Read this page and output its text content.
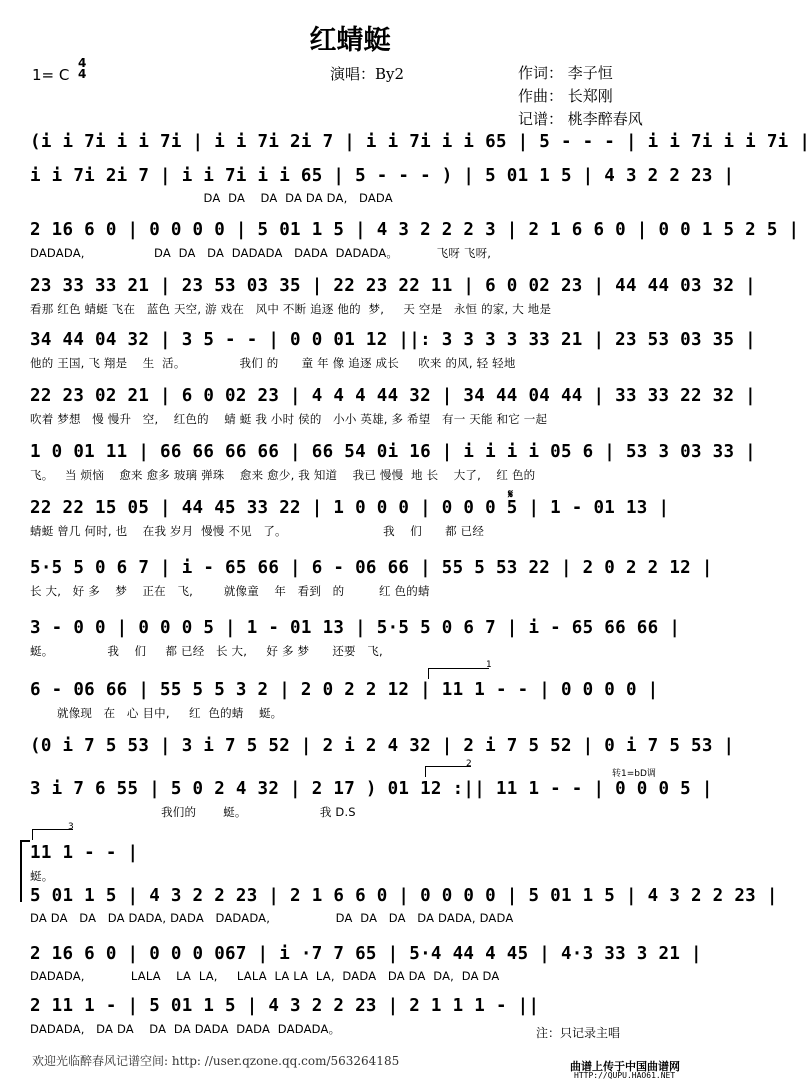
红蜻蜓
1= C
4
4	演唱：By2	作词： 李子恒
作曲： 长郑刚
记谱： 桃李醉春风
(i i 7i i i 7i | i i 7i 2i 7 | i i 7i i i 65 | 5 - - - | i i 7i i i 7i |
i i 7i 2i 7 | i i 7i i i 65 | 5 - - - ) | 5 01 1 5 | 4 3 2 2 23 |
DA  DA    DA  DA DA DA,   DADA
2 16 6 0 | 0 0 0 0 | 5 01 1 5 | 4 3 2 2 2 3 | 2 1 6 6 0 | 0 0 1 5 2 5 |
DADADA,                  DA  DA   DA  DADADA   DADA  DADADA。          飞呀 飞呀,
23 33 33 21 | 23 53 03 35 | 22 23 22 11 | 6 0 02 23 | 44 44 03 32 |
看那 红色 蜻蜓 飞在   蓝色 天空, 游 戏在   风中 不断 追逐 他的  梦,     天 空是   永恒 的家, 大 地是
34 44 04 32 | 3 5 - - | 0 0 01 12 ||: 3 3 3 3 33 21 | 23 53 03 35 |
他的 王国, 飞 翔是    生  活。              我们 的      童 年 像 追逐 成长     吹来 的风, 轻 轻地
22 23 02 21 | 6 0 02 23 | 4 4 4 44 32 | 34 44 04 44 | 33 33 22 32 |
吹着 梦想   慢 慢升   空,    红色的    蜻 蜓 我 小时 侯的   小小 英雄, 多 希望   有一 天能 和它 一起
1 0 01 11 | 66 66 66 66 | 66 54 0i 16 | i i i i 05 6 | 53 3 03 33 |
飞。   当 烦恼    愈来 愈多 玻璃 弹珠    愈来 愈少, 我 知道    我已 慢慢  地 长    大了,    红 色的
22 22 15 05 | 44 45 33 22 | 1 0 0 0 | 0 0 0 5 | 1 - 01 13 |
蜻蜓 曾几 何时, 也    在我 岁月  慢慢 不见   了。                         我    们      都 已经
𝄋
5·5 5 0 6 7 | i - 65 66 | 6 - 06 66 | 55 5 53 22 | 2 0 2 2 12 |
长 大,   好 多    梦    正在   飞,        就像童    年   看到   的         红 色的蜻
3 - 0 0 | 0 0 0 5 | 1 - 01 13 | 5·5 5 0 6 7 | i - 65 66 66 |
蜓。              我    们     都 已经   长 大,     好 多 梦      还要   飞,
1
6 - 06 66 | 55 5 5 3 2 | 2 0 2 2 12 | 11 1 - - | 0 0 0 0 |
就像现   在   心 目中,     红  色的蜻    蜓。
(0 i 7 5 53 | 3 i 7 5 52 | 2 i 2 4 32 | 2 i 7 5 52 | 0 i 7 5 53 |
2
转1=bD调
3 i 7 6 55 | 5 0 2 4 32 | 2 17 ) 01 12 :|| 11 1 - - | 0 0 0 5 |
我们的       蜓。                   我 D.S
3
11 1 - - |
蜓。
5 01 1 5 | 4 3 2 2 23 | 2 1 6 6 0 | 0 0 0 0 | 5 01 1 5 | 4 3 2 2 23 |
DA DA   DA   DA DADA, DADA   DADADA,                 DA  DA   DA   DA DADA, DADA
2 16 6 0 | 0 0 0 067 | i ·7 7 65 | 5·4 44 4 45 | 4·3 33 3 21 |
DADADA,            LALA    LA  LA,     LALA  LA LA  LA,  DADA   DA DA  DA,  DA DA
2 11 1 - | 5 01 1 5 | 4 3 2 2 23 | 2 1 1 1 - ||
DADADA,   DA DA    DA  DA DADA  DADA  DADADA。	注：只记录主唱
欢迎光临醉春风记谱空间: http: //user.qzone.qq.com/563264185	曲谱上传于中国曲谱网
HTTP://QUPU.HAO61.NET
